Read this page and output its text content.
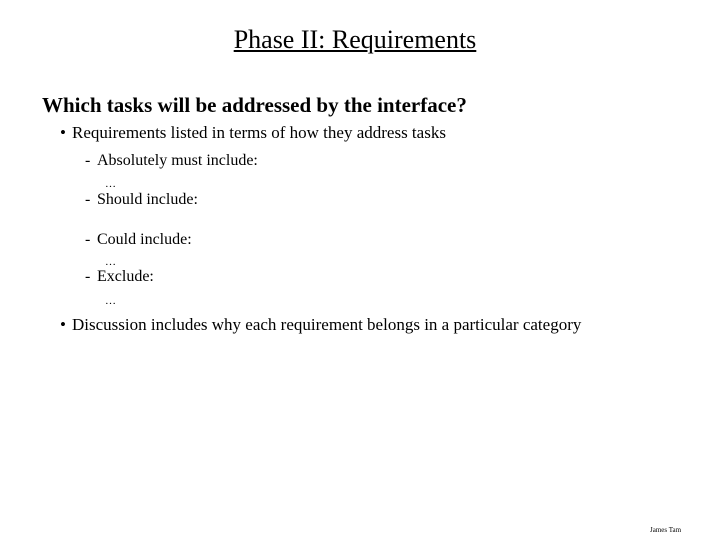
Phase II: Requirements
Which tasks will be addressed by the interface?
• Requirements listed in terms of how they address tasks
- Absolutely must include:
…
- Should include:
- Could include:
…
- Exclude:
…
• Discussion includes why each requirement belongs in a particular category
James Tam
